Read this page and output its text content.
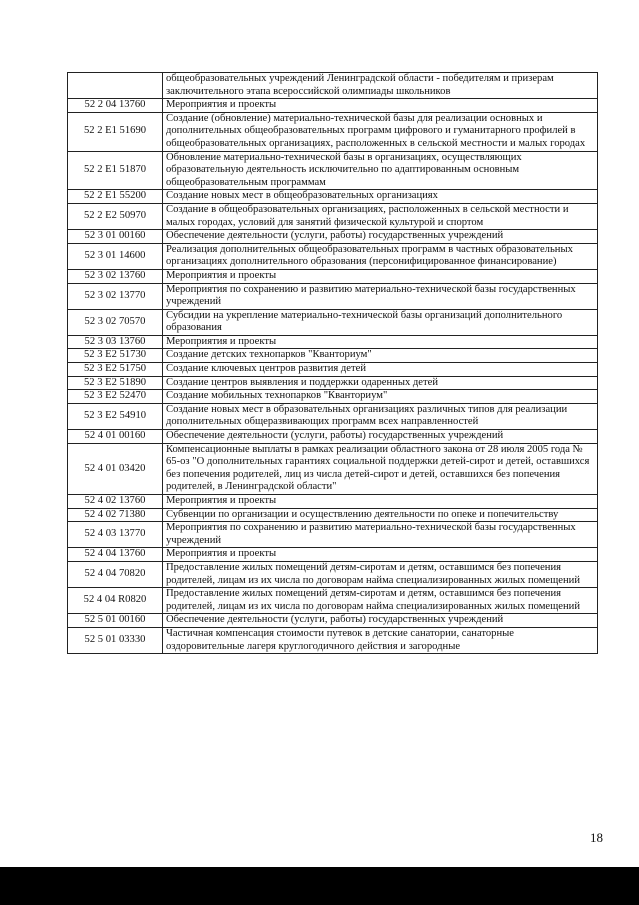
	общеобразовательных учреждений Ленинградской области - победителям и призерам заключительного этапа всероссийской олимпиады школьников
52 2 04 13760	Мероприятия и проекты
52 2 E1 51690	Создание (обновление) материально-технической базы для реализации основных и дополнительных общеобразовательных программ цифрового и гуманитарного профилей в общеобразовательных организациях, расположенных в сельской местности и малых городах
52 2 E1 51870	Обновление материально-технической базы в организациях, осуществляющих образовательную деятельность исключительно по адаптированным основным общеобразовательным программам
52 2 E1 55200	Создание новых мест в общеобразовательных организациях
52 2 E2 50970	Создание в общеобразовательных организациях, расположенных в сельской местности и малых городах, условий для занятий физической культурой и спортом
52 3 01 00160	Обеспечение деятельности (услуги, работы) государственных учреждений
52 3 01 14600	Реализация дополнительных общеобразовательных программ в частных образовательных организациях дополнительного образования (персонифицированное финансирование)
52 3 02 13760	Мероприятия и проекты
52 3 02 13770	Мероприятия по сохранению и развитию материально-технической базы государственных учреждений
52 3 02 70570	Субсидии на укрепление материально-технической базы организаций дополнительного образования
52 3 03 13760	Мероприятия и проекты
52 3 E2 51730	Создание детских технопарков "Кванториум"
52 3 E2 51750	Создание ключевых центров развития детей
52 3 E2 51890	Создание центров выявления и поддержки одаренных детей
52 3 E2 52470	Создание мобильных технопарков "Кванториум"
52 3 E2 54910	Создание новых мест в образовательных организациях различных типов для реализации дополнительных общеразвивающих программ всех направленностей
52 4 01 00160	Обеспечение деятельности (услуги, работы) государственных учреждений
52 4 01 03420	Компенсационные выплаты в рамках реализации областного закона от 28 июля 2005 года № 65-оз "О дополнительных гарантиях социальной поддержки детей-сирот и детей, оставшихся без попечения родителей, лиц из числа детей-сирот и детей, оставшихся без попечения родителей, в Ленинградской области"
52 4 02 13760	Мероприятия и проекты
52 4 02 71380	Субвенции по организации и осуществлению деятельности по опеке и попечительству
52 4 03 13770	Мероприятия по сохранению и развитию материально-технической базы государственных учреждений
52 4 04 13760	Мероприятия и проекты
52 4 04 70820	Предоставление жилых помещений детям-сиротам и детям, оставшимся без попечения родителей, лицам из их числа по договорам найма специализированных жилых помещений
52 4 04 R0820	Предоставление жилых помещений детям-сиротам и детям, оставшимся без попечения родителей, лицам из их числа по договорам найма специализированных жилых помещений
52 5 01 00160	Обеспечение деятельности (услуги, работы) государственных учреждений
52 5 01 03330	Частичная компенсация стоимости путевок в детские санатории, санаторные оздоровительные лагеря круглогодичного действия и загородные
18
